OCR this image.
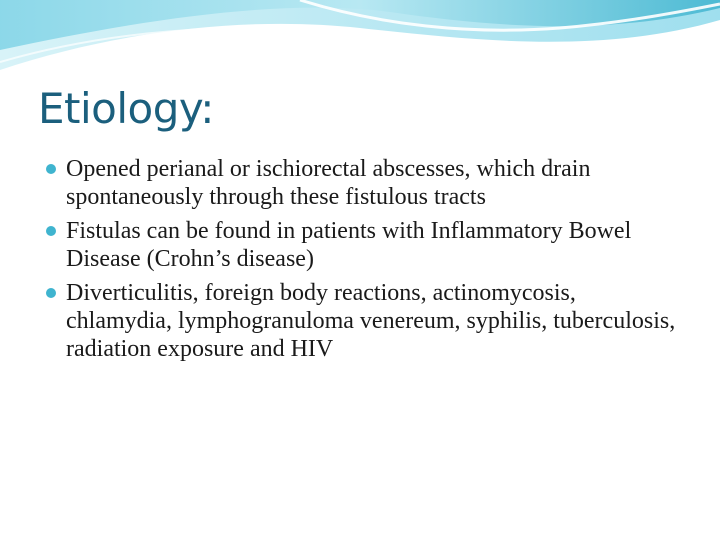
Etiology:
Opened perianal or ischiorectal abscesses, which drain spontaneously through these fistulous tracts
Fistulas can be found in patients with Inflammatory Bowel Disease (Crohn’s disease)
Diverticulitis, foreign body reactions, actinomycosis, chlamydia, lymphogranuloma venereum, syphilis, tuberculosis, radiation exposure and HIV
